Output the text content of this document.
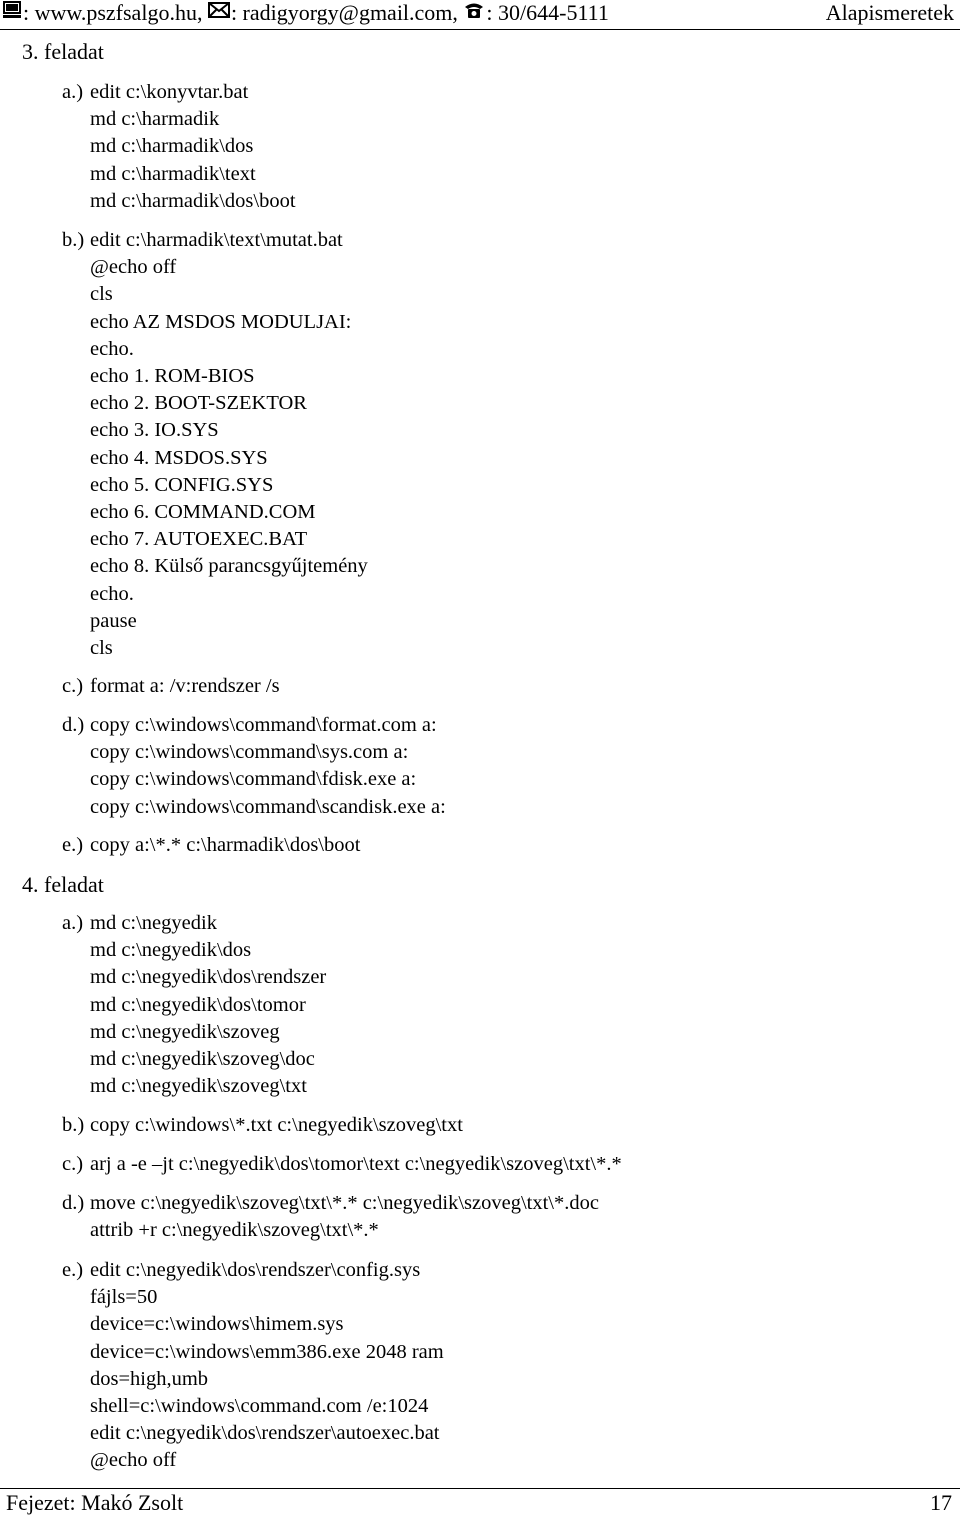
: www.pszfsalgo.hu,
: radigyorgy@gmail.com,
: 30/644-5111	Alapismeretek
3. feladat
a.) edit c:\konyvtar.bat
md c:\harmadik
md c:\harmadik\dos
md c:\harmadik\text
md c:\harmadik\dos\boot
b.) edit c:\harmadik\text\mutat.bat
@echo off
cls
echo AZ MSDOS MODULJAI:
echo.
echo 1. ROM-BIOS
echo 2. BOOT-SZEKTOR
echo 3. IO.SYS
echo 4. MSDOS.SYS
echo 5. CONFIG.SYS
echo 6. COMMAND.COM
echo 7. AUTOEXEC.BAT
echo 8. Külső parancsgyűjtemény
echo.
pause
cls
c.) format a: /v:rendszer /s
d.) copy c:\windows\command\format.com a:
copy c:\windows\command\sys.com a:
copy c:\windows\command\fdisk.exe a:
copy c:\windows\command\scandisk.exe a:
e.) copy a:\*.* c:\harmadik\dos\boot
4. feladat
a.) md c:\negyedik
md c:\negyedik\dos
md c:\negyedik\dos\rendszer
md c:\negyedik\dos\tomor
md c:\negyedik\szoveg
md c:\negyedik\szoveg\doc
md c:\negyedik\szoveg\txt
b.) copy c:\windows\*.txt c:\negyedik\szoveg\txt
c.) arj a -e –jt c:\negyedik\dos\tomor\text c:\negyedik\szoveg\txt\*.*
d.) move c:\negyedik\szoveg\txt\*.* c:\negyedik\szoveg\txt\*.doc
attrib +r c:\negyedik\szoveg\txt\*.*
e.) edit c:\negyedik\dos\rendszer\config.sys
fájls=50
device=c:\windows\himem.sys
device=c:\windows\emm386.exe 2048 ram
dos=high,umb
shell=c:\windows\command.com /e:1024
edit c:\negyedik\dos\rendszer\autoexec.bat
@echo off
Fejezet: Makó Zsolt	17
